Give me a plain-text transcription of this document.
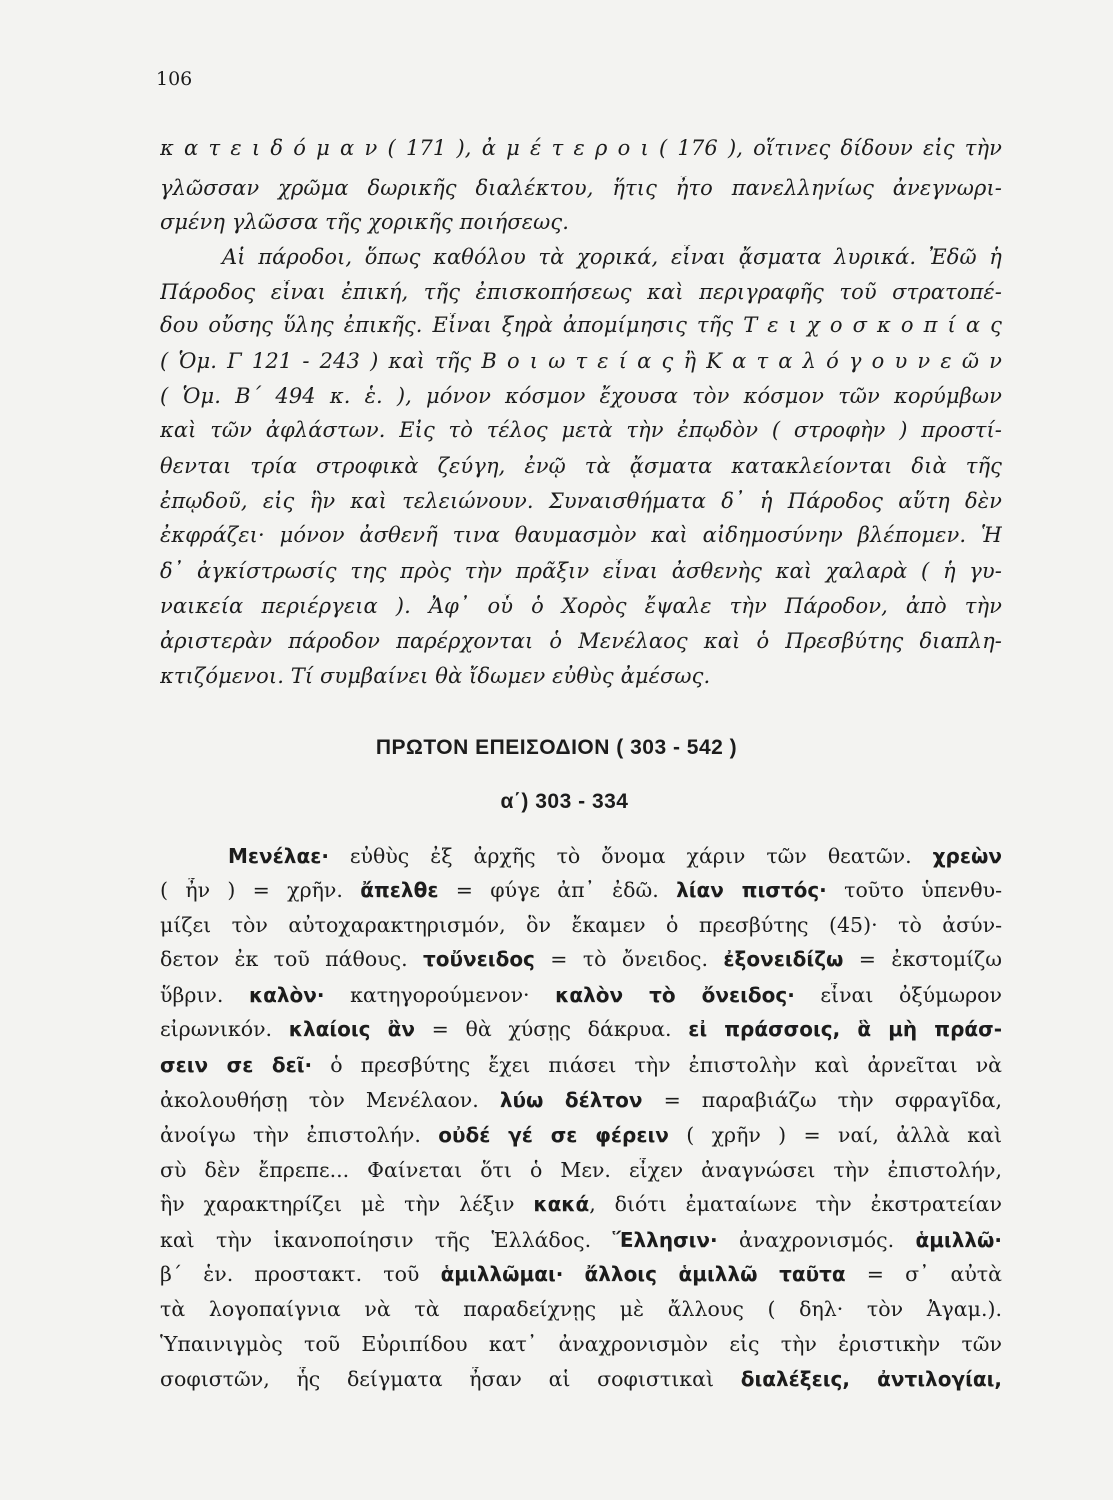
106
κ α τ ε ι δ ό μ α ν ( 171 ), ἀ μ έ τ ε ρ ο ι ( 176 ), οἵτινες δίδουν εἰς τὴν
γλῶσσαν χρῶμα δωρικῆς διαλέκτου, ἥτις ἦτο πανελληνίως ἀνεγνωρι-
σμένη γλῶσσα τῆς χορικῆς ποιήσεως.
Αἱ πάροδοι, ὅπως καθόλου τὰ χορικά, εἶναι ᾄσματα λυρικά. Ἐδῶ ἡ
Πάροδος εἶναι ἐπική, τῆς ἐπισκοπήσεως καὶ περιγραφῆς τοῦ στρατοπέ-
δου οὔσης ὕλης ἐπικῆς. Εἶναι ξηρὰ ἀπομίμησις τῆς Τ ε ι χ ο σ κ ο π ί α ς
( Ὁμ. Γ 121 - 243 ) καὶ τῆς Β ο ι ω τ ε ί α ς ἢ Κ α τ α λ ό γ ο υ ν ε ῶ ν
( Ὁμ. Β΄ 494 κ. ἑ. ), μόνον κόσμον ἔχουσα τὸν κόσμον τῶν κορύμβων
καὶ τῶν ἀφλάστων. Εἰς τὸ τέλος μετὰ τὴν ἐπῳδὸν ( στροφὴν ) προστί-
θενται τρία στροφικὰ ζεύγη, ἐνῷ τὰ ᾄσματα κατακλείονται διὰ τῆς
ἐπῳδοῦ, εἰς ἣν καὶ τελειώνουν. Συναισθήματα δ᾽ ἡ Πάροδος αὕτη δὲν
ἐκφράζει· μόνον ἀσθενῆ τινα θαυμασμὸν καὶ αἰδημοσύνην βλέπομεν. Ἡ
δ᾽ ἀγκίστρωσίς της πρὸς τὴν πρᾶξιν εἶναι ἀσθενὴς καὶ χαλαρὰ ( ἡ γυ-
ναικεία περιέργεια ). Ἀφ᾽ οὗ ὁ Χορὸς ἔψαλε τὴν Πάροδον, ἀπὸ τὴν
ἀριστερὰν πάροδον παρέρχονται ὁ Μενέλαος καὶ ὁ Πρεσβύτης διαπλη-
κτιζόμενοι. Τί συμβαίνει θὰ ἴδωμεν εὐθὺς ἀμέσως.
ΠΡΩΤΟΝ ΕΠΕΙΣΟΔΙΟΝ ( 303 - 542 )
α΄) 303 - 334
Μενέλαε· εὐθὺς ἐξ ἀρχῆς τὸ ὄνομα χάριν τῶν θεατῶν. χρεὼν
( ἦν ) = χρῆν. ἄπελθε = φύγε ἀπ᾽ ἐδῶ. λίαν πιστός· τοῦτο ὑπενθυ-
μίζει τὸν αὐτοχαρακτηρισμόν, ὃν ἔκαμεν ὁ πρεσβύτης (45)· τὸ ἀσύν-
δετον ἐκ τοῦ πάθους. τοὔνειδος = τὸ ὄνειδος. ἐξονειδίζω = ἐκστομίζω
ὕβριν. καλὸν· κατηγορούμενον· καλὸν τὸ ὄνειδος· εἶναι ὀξύμωρον
εἰρωνικόν. κλαίοις ἂν = θὰ χύσῃς δάκρυα. εἰ πράσσοις, ἃ μὴ πράσ-
σειν σε δεῖ· ὁ πρεσβύτης ἔχει πιάσει τὴν ἐπιστολὴν καὶ ἀρνεῖται νὰ
ἀκολουθήσῃ τὸν Μενέλαον. λύω δέλτον = παραβιάζω τὴν σφραγῖδα,
ἀνοίγω τὴν ἐπιστολήν. οὐδέ γέ σε φέρειν ( χρῆν ) = ναί, ἀλλὰ καὶ
σὺ δὲν ἔπρεπε... Φαίνεται ὅτι ὁ Μεν. εἶχεν ἀναγνώσει τὴν ἐπιστολήν,
ἣν χαρακτηρίζει μὲ τὴν λέξιν κακά, διότι ἐματαίωνε τὴν ἐκστρατείαν
καὶ τὴν ἱκανοποίησιν τῆς Ἑλλάδος. Ἕλλησιν· ἀναχρονισμός. ἁμιλλῶ·
β΄ ἑν. προστακτ. τοῦ ἁμιλλῶμαι· ἄλλοις ἁμιλλῶ ταῦτα = σ᾽ αὐτὰ
τὰ λογοπαίγνια νὰ τὰ παραδείχνῃς μὲ ἄλλους ( δηλ· τὸν Ἀγαμ.).
Ὑπαινιγμὸς τοῦ Εὐριπίδου κατ᾽ ἀναχρονισμὸν εἰς τὴν ἐριστικὴν τῶν
σοφιστῶν, ἧς δείγματα ἦσαν αἱ σοφιστικαὶ διαλέξεις, ἀντιλογίαι,
